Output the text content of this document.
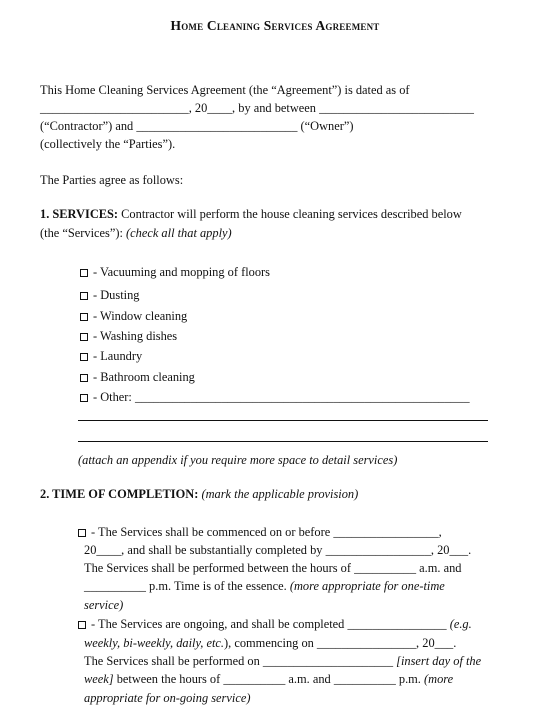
Home Cleaning Services Agreement
This Home Cleaning Services Agreement (the “Agreement”) is dated as of
________________________, 20____, by and between _________________________
(“Contractor”) and __________________________ (“Owner”)
(collectively the “Parties”).
The Parties agree as follows:
1. SERVICES: Contractor will perform the house cleaning services described below
(the “Services”): (check all that apply)
- Vacuuming and mopping of floors
- Dusting
- Window cleaning
- Washing dishes
- Laundry
- Bathroom cleaning
- Other: ______________________________________________________
(attach an appendix if you require more space to detail services)
2. TIME OF COMPLETION: (mark the applicable provision)
- The Services shall be commenced on or before _________________,
20____, and shall be substantially completed by _________________, 20___.
The Services shall be performed between the hours of __________ a.m. and
__________ p.m. Time is of the essence. (more appropriate for one-time
service)
- The Services are ongoing, and shall be completed ________________ (e.g.
weekly, bi-weekly, daily, etc.), commencing on ________________, 20___.
The Services shall be performed on _____________________ [insert day of the
week] between the hours of __________ a.m. and __________ p.m. (more
appropriate for on-going service)
